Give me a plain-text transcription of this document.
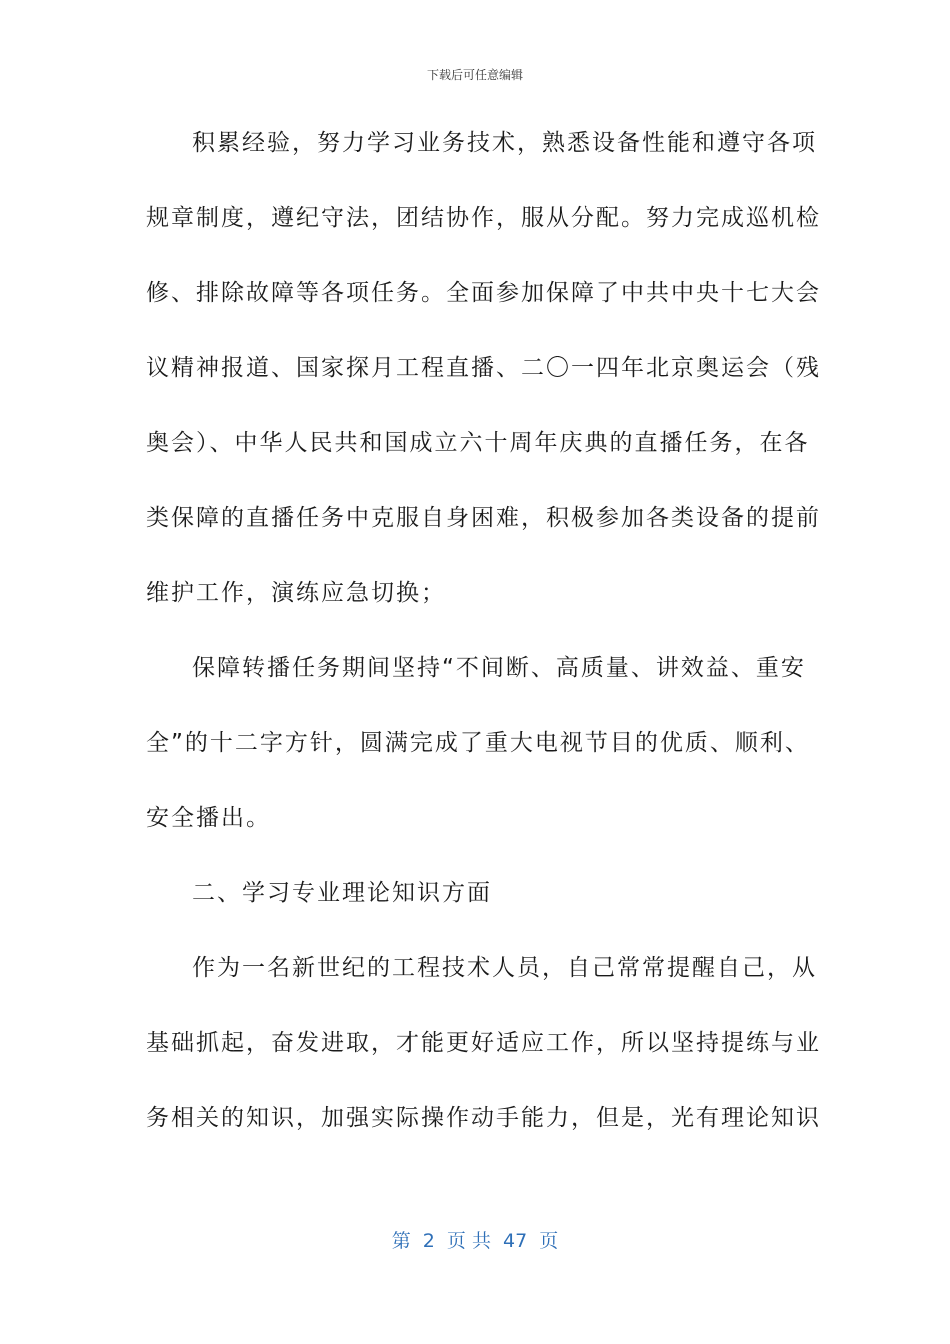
下载后可任意编辑
积累经验，努力学习业务技术，熟悉设备性能和遵守各项
规章制度，遵纪守法，团结协作，服从分配。努力完成巡机检
修、排除故障等各项任务。全面参加保障了中共中央十七大会
议精神报道、国家探月工程直播、二〇一四年北京奥运会（残
奥会）、中华人民共和国成立六十周年庆典的直播任务，在各
类保障的直播任务中克服自身困难，积极参加各类设备的提前
维护工作，演练应急切换；
保障转播任务期间坚持“不间断、高质量、讲效益、重安
全”的十二字方针，圆满完成了重大电视节目的优质、顺利、
安全播出。
二、学习专业理论知识方面
作为一名新世纪的工程技术人员，自己常常提醒自己，从
基础抓起，奋发进取，才能更好适应工作，所以坚持提练与业
务相关的知识，加强实际操作动手能力，但是，光有理论知识
第  2  页 共  47  页
